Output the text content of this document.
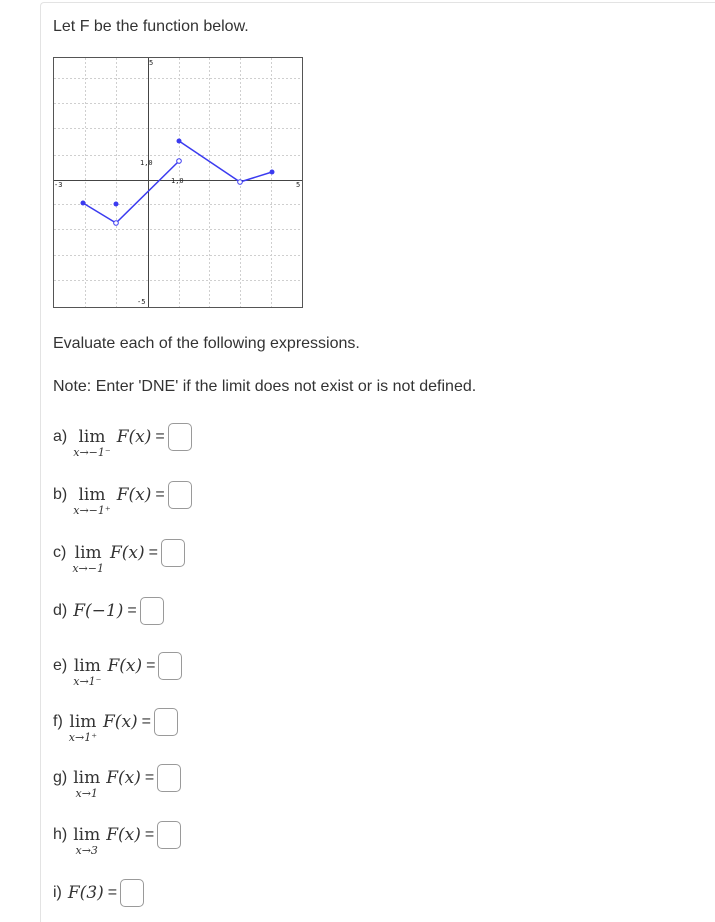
Let F be the function below.
5
-5
-3	5
1,0
1,0
Evaluate each of the following expressions.
Note: Enter 'DNE' if the limit does not exist or is not defined.
a) lim
x→−1⁻
F(x) =
b) lim
x→−1⁺
F(x) =
c) lim
x→−1
F(x) =
d) F(−1) =
e) lim
x→1⁻
F(x) =
f) lim
x→1⁺
F(x) =
g) lim
x→1
F(x) =
h) lim
x→3
F(x) =
i) F(3) =
